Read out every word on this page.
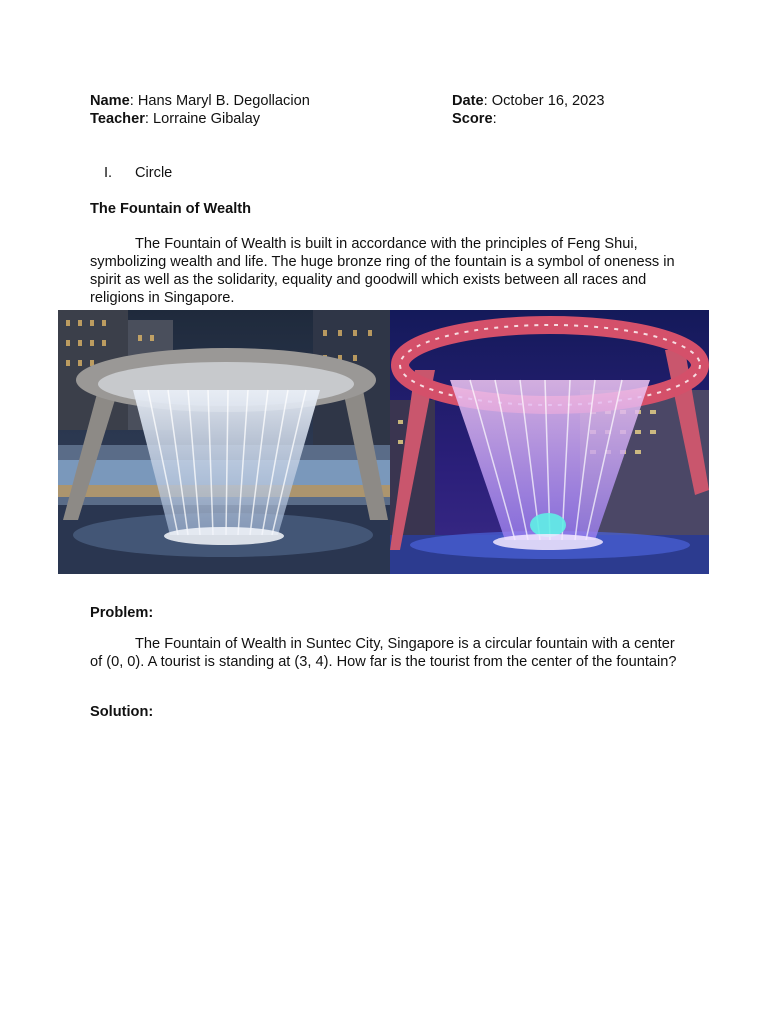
Name: Hans Maryl B. Degollacion
Teacher: Lorraine Gibalay
Date: October 16, 2023
Score:
I. Circle
The Fountain of Wealth
The Fountain of Wealth is built in accordance with the principles of Feng Shui, symbolizing wealth and life. The huge bronze ring of the fountain is a symbol of oneness in spirit as well as the solidarity, equality and goodwill which exists between all races and religions in Singapore.
Problem:
The Fountain of Wealth in Suntec City, Singapore is a circular fountain with a center of (0, 0). A tourist is standing at (3, 4). How far is the tourist from the center of the fountain?
Solution:
